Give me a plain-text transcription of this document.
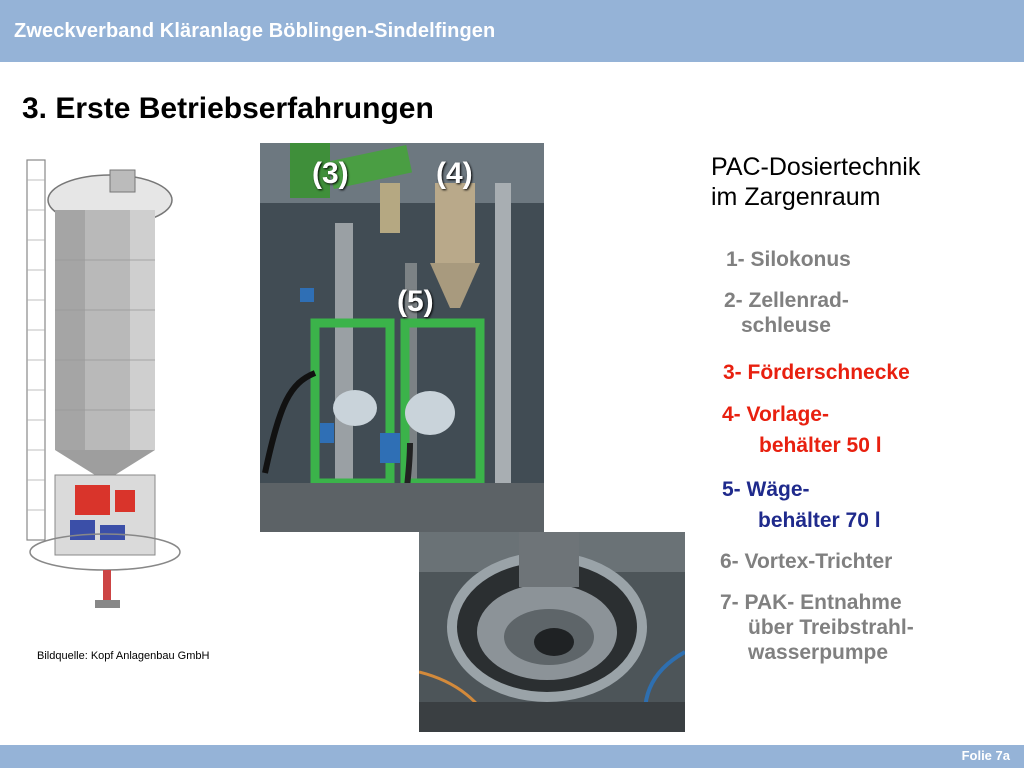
Zweckverband Kläranlage Böblingen-Sindelfingen
3. Erste Betriebserfahrungen
(3)	(4)
(5)
Bildquelle: Kopf Anlagenbau GmbH
PAC-Dosiertechnik
im Zargenraum
1- Silokonus
2- Zellenrad-
schleuse
3- Förderschnecke
4- Vorlage-
behälter 50 l
5- Wäge-
behälter 70 l
6- Vortex-Trichter
7- PAK- Entnahme
über Treibstrahl-
wasserpumpe
Folie 7a
